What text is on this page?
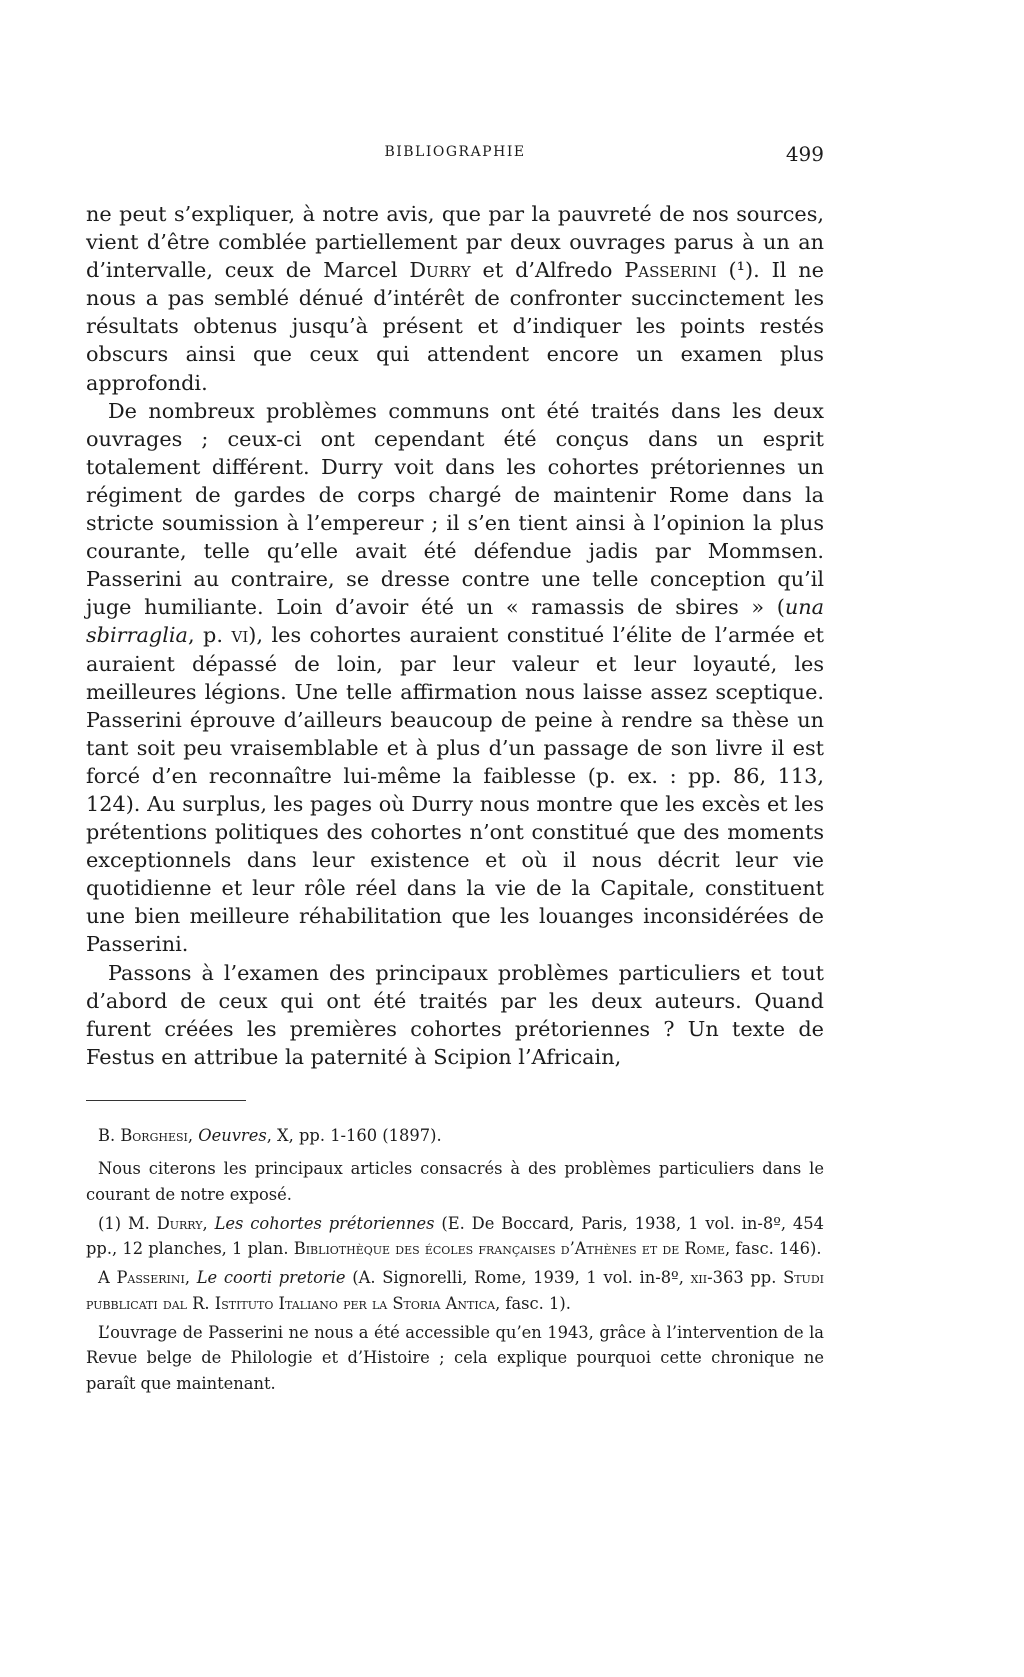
BIBLIOGRAPHIE	499

ne peut s’expliquer, à notre avis, que par la pauvreté de nos sources, vient d’être comblée partiellement par deux ouvrages parus à un an d’intervalle, ceux de Marcel Durry et d’Alfredo Passerini (¹). Il ne nous a pas semblé dénué d’intérêt de confronter succinctement les résultats obtenus jusqu’à présent et d’indiquer les points restés obscurs ainsi que ceux qui attendent encore un examen plus approfondi.

De nombreux problèmes communs ont été traités dans les deux ouvrages ; ceux-ci ont cependant été conçus dans un esprit totalement différent. Durry voit dans les cohortes prétoriennes un régiment de gardes de corps chargé de maintenir Rome dans la stricte soumission à l’empereur ; il s’en tient ainsi à l’opinion la plus courante, telle qu’elle avait été défendue jadis par Mommsen. Passerini au contraire, se dresse contre une telle conception qu’il juge humiliante. Loin d’avoir été un « ramassis de sbires » (una sbirraglia, p. vi), les cohortes auraient constitué l’élite de l’armée et auraient dépassé de loin, par leur valeur et leur loyauté, les meilleures légions. Une telle affirmation nous laisse assez sceptique. Passerini éprouve d’ailleurs beaucoup de peine à rendre sa thèse un tant soit peu vraisemblable et à plus d’un passage de son livre il est forcé d’en reconnaître lui-même la faiblesse (p. ex. : pp. 86, 113, 124). Au surplus, les pages où Durry nous montre que les excès et les prétentions politiques des cohortes n’ont constitué que des moments exceptionnels dans leur existence et où il nous décrit leur vie quotidienne et leur rôle réel dans la vie de la Capitale, constituent une bien meilleure réhabilitation que les louanges inconsidérées de Passerini.

Passons à l’examen des principaux problèmes particuliers et tout d’abord de ceux qui ont été traités par les deux auteurs. Quand furent créées les premières cohortes prétoriennes ? Un texte de Festus en attribue la paternité à Scipion l’Africain,

B. Borghesi, Oeuvres, X, pp. 1-160 (1897).

Nous citerons les principaux articles consacrés à des problèmes particuliers dans le courant de notre exposé.

(1) M. Durry, Les cohortes prétoriennes (E. De Boccard, Paris, 1938, 1 vol. in-8º, 454 pp., 12 planches, 1 plan. Bibliothèque des écoles françaises d’Athènes et de Rome, fasc. 146).

A Passerini, Le coorti pretorie (A. Signorelli, Rome, 1939, 1 vol. in-8º, xii-363 pp. Studi pubblicati dal R. Istituto Italiano per la Storia Antica, fasc. 1).

L’ouvrage de Passerini ne nous a été accessible qu’en 1943, grâce à l’intervention de la Revue belge de Philologie et d’Histoire ; cela explique pourquoi cette chronique ne paraît que maintenant.
